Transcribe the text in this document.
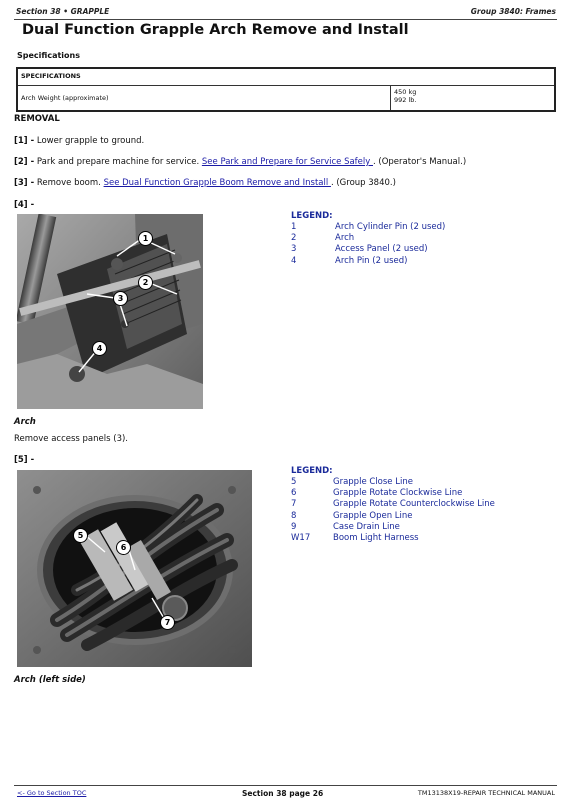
Section 38 • GRAPPLE	Group 3840: Frames
Dual Function Grapple Arch Remove and Install
Specifications
SPECIFICATIONS
Arch Weight (approximate)	
450 kg
992 lb.
REMOVAL
[1] - Lower grapple to ground.
[2] - Park and prepare machine for service. See Park and Prepare for Service Safely . (Operator's Manual.)
[3] - Remove boom. See Dual Function Grapple Boom Remove and Install . (Group 3840.)
[4] -
1
2
3
4
LEGEND:
1	Arch Cylinder Pin (2 used)
2	Arch
3	Access Panel (2 used)
4	Arch Pin (2 used)
Arch
Remove access panels (3).
[5] -
5
6
7
LEGEND:
5	Grapple Close Line
6	Grapple Rotate Clockwise Line
7	Grapple Rotate Counterclockwise Line
8	Grapple Open Line
9	Case Drain Line
W17	Boom Light Harness
Arch (left side)
<- Go to Section TOC	Section 38 page 26	TM13138X19-REPAIR TECHNICAL MANUAL
